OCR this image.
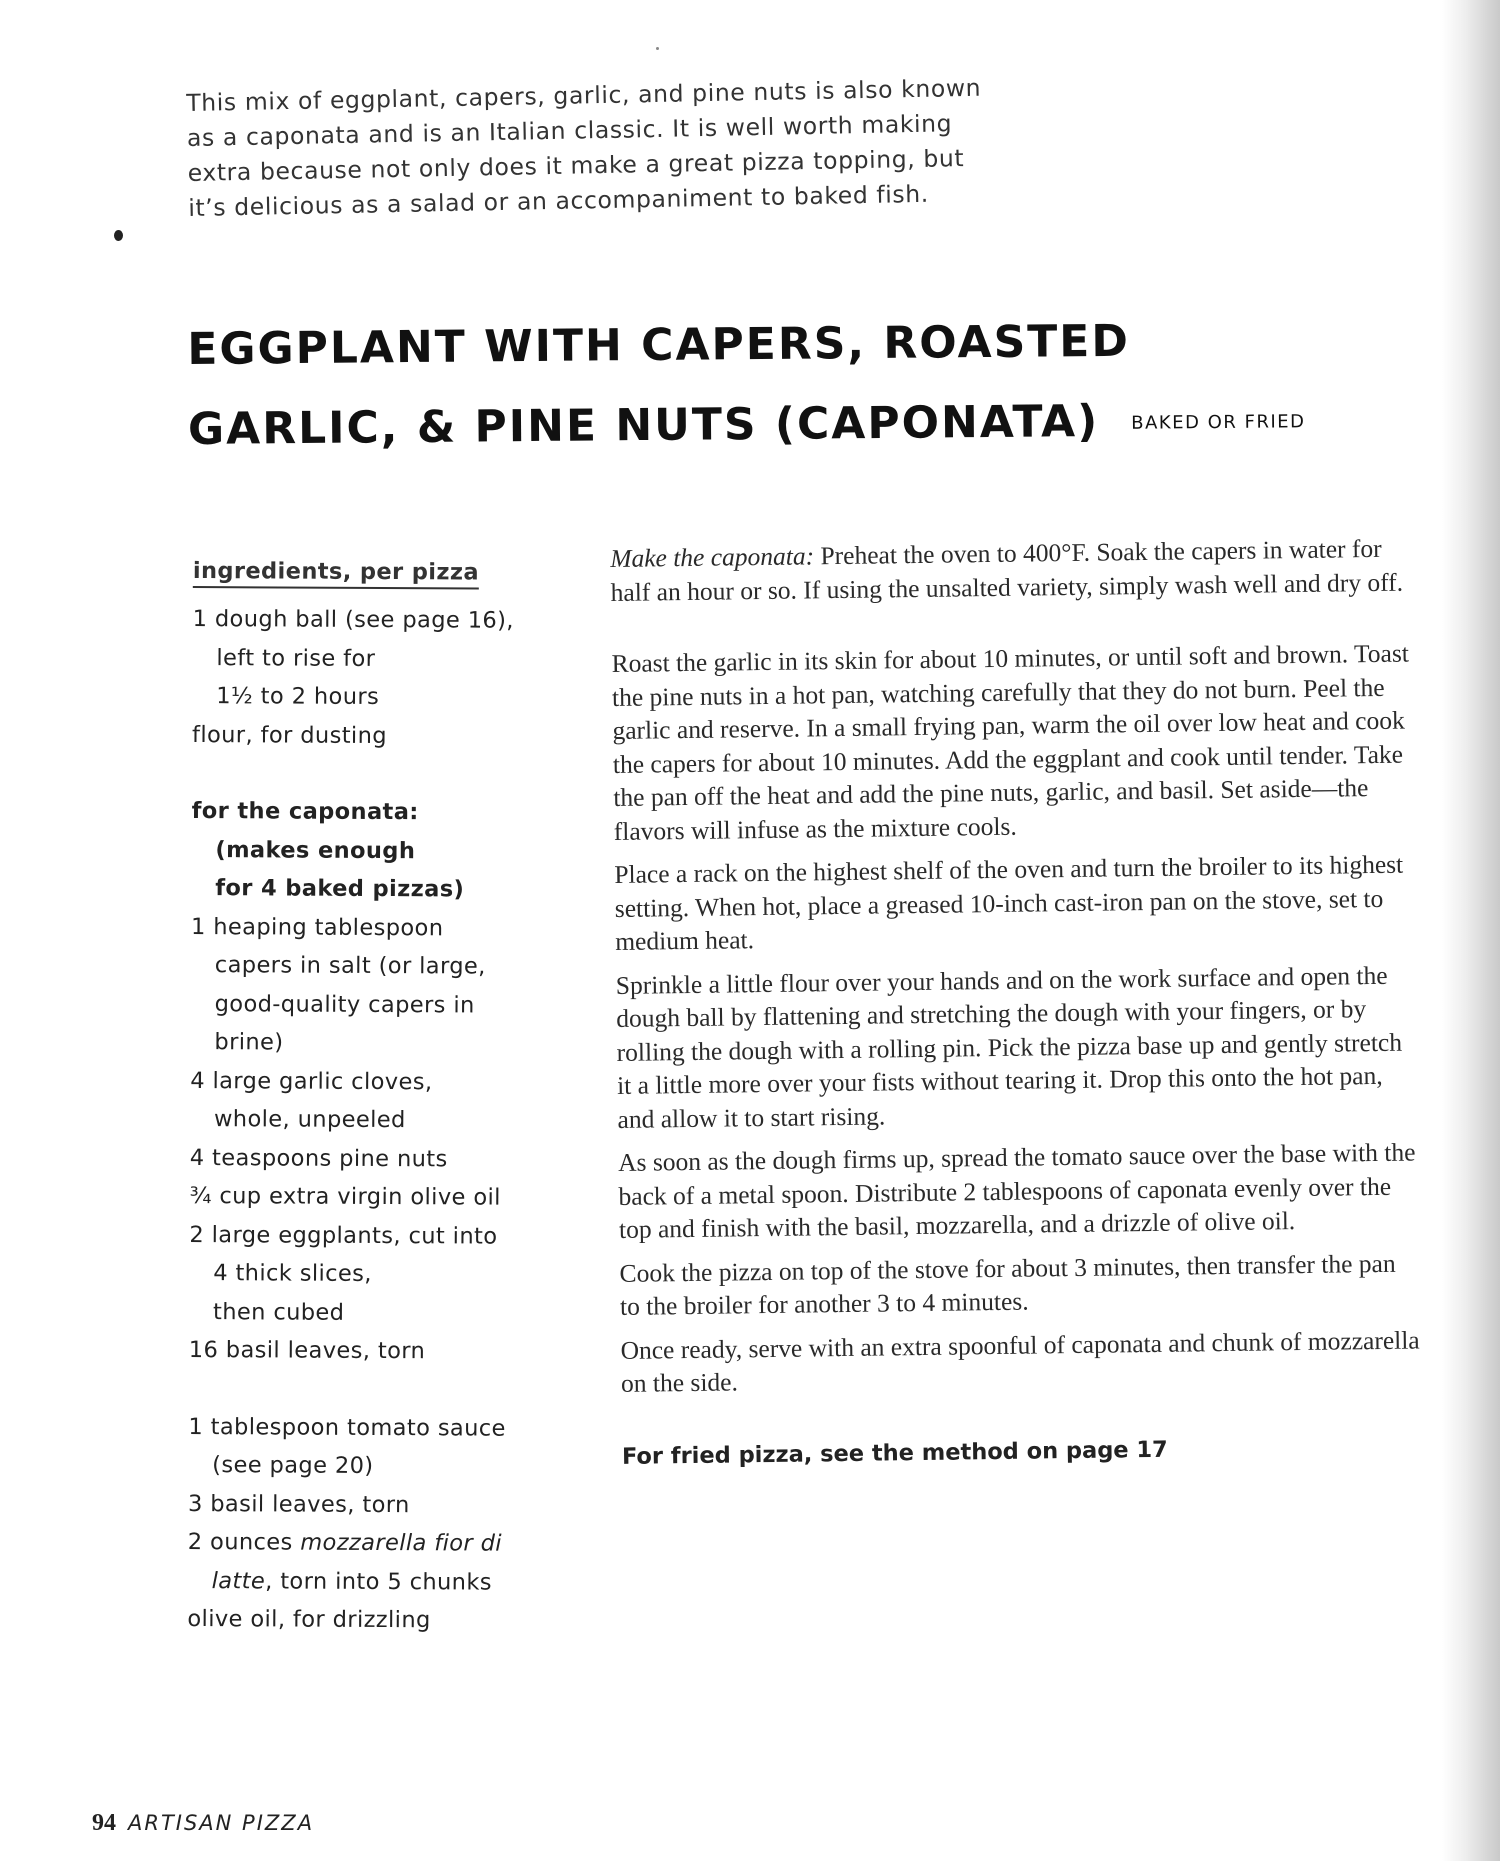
This mix of eggplant, capers, garlic, and pine nuts is also known
as a caponata and is an Italian classic. It is well worth making
extra because not only does it make a great pizza topping, but
it’s delicious as a salad or an accompaniment to baked fish.
EGGPLANT WITH CAPERS, ROASTED
GARLIC, & PINE NUTS (CAPONATA) BAKED OR FRIED
ingredients, per pizza
1 dough ball (see page 16),
left to rise for
1½ to 2 hours
flour, for dusting
for the caponata:
(makes enough
for 4 baked pizzas)
1 heaping tablespoon
capers in salt (or large,
good-quality capers in
brine)
4 large garlic cloves,
whole, unpeeled
4 teaspoons pine nuts
¾ cup extra virgin olive oil
2 large eggplants, cut into
4 thick slices,
then cubed
16 basil leaves, torn
1 tablespoon tomato sauce
(see page 20)
3 basil leaves, torn
2 ounces mozzarella fior di
latte, torn into 5 chunks
olive oil, for drizzling

Make the caponata: Preheat the oven to 400°F. Soak the capers in water for half an hour or so. If using the unsalted variety, simply wash well and dry off.

Roast the garlic in its skin for about 10 minutes, or until soft and brown. Toast the pine nuts in a hot pan, watching carefully that they do not burn. Peel the garlic and reserve. In a small frying pan, warm the oil over low heat and cook the capers for about 10 minutes. Add the eggplant and cook until tender. Take the pan off the heat and add the pine nuts, garlic, and basil. Set aside—the flavors will infuse as the mixture cools.

Place a rack on the highest shelf of the oven and turn the broiler to its highest setting. When hot, place a greased 10-inch cast-iron pan on the stove, set to medium heat.

Sprinkle a little flour over your hands and on the work surface and open the dough ball by flattening and stretching the dough with your fingers, or by rolling the dough with a rolling pin. Pick the pizza base up and gently stretch it a little more over your fists without tearing it. Drop this onto the hot pan, and allow it to start rising.

As soon as the dough firms up, spread the tomato sauce over the base with the back of a metal spoon. Distribute 2 tablespoons of caponata evenly over the top and finish with the basil, mozzarella, and a drizzle of olive oil.

Cook the pizza on top of the stove for about 3 minutes, then transfer the pan to the broiler for another 3 to 4 minutes.

Once ready, serve with an extra spoonful of caponata and chunk of mozzarella on the side.

For fried pizza, see the method on page 17

94 ARTISAN PIZZA
